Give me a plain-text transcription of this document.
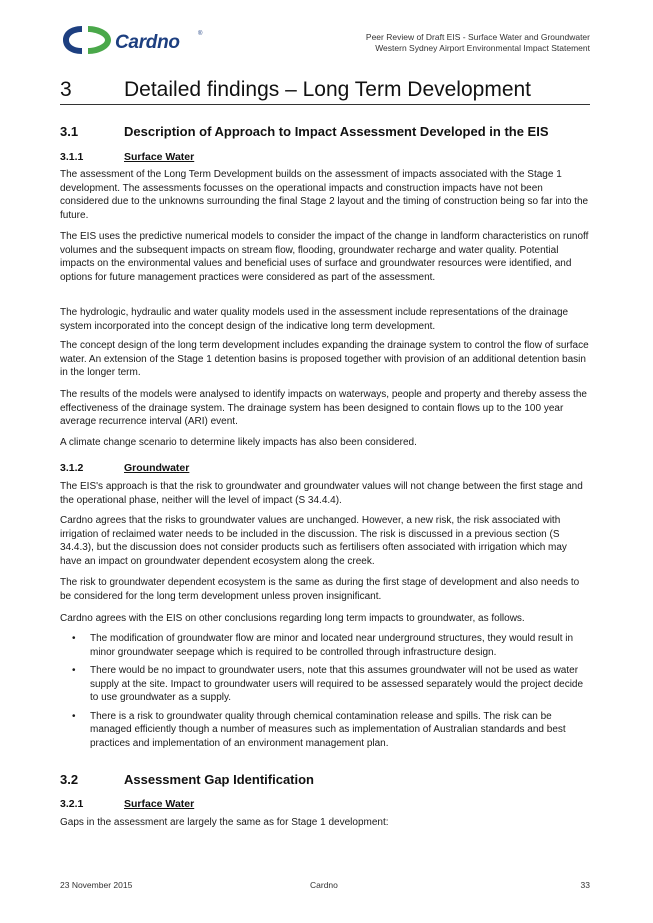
Cardno	®	Peer Review of Draft EIS - Surface Water and Groundwater
Western Sydney Airport Environmental Impact Statement
3 Detailed findings – Long Term Development
3.1	Description of Approach to Impact Assessment Developed in the EIS
3.1.1	Surface Water

The assessment of the Long Term Development builds on the assessment of impacts associated with the Stage 1 development. The assessments focusses on the operational impacts and construction impacts have not been considered due to the unknowns surrounding the final Stage 2 layout and the timing of construction being so far into the future.

The EIS uses the predictive numerical models to consider the impact of the change in landform characteristics on runoff volumes and the subsequent impacts on stream flow, flooding, groundwater recharge and water quality. Potential impacts on the environmental values and beneficial uses of surface and groundwater resources were identified, and options for future management practices were considered as part of the assessment.

The hydrologic, hydraulic and water quality models used in the assessment include representations of the drainage system incorporated into the concept design of the indicative long term development.

The concept design of the long term development includes expanding the drainage system to control the flow of surface water. An extension of the Stage 1 detention basins is proposed together with provision of an additional detention basin in the longer term.

The results of the models were analysed to identify impacts on waterways, people and property and thereby assess the effectiveness of the drainage system. The drainage system has been designed to contain flows up to the 100 year average recurrence interval (ARI) event.

A climate change scenario to determine likely impacts has also been considered.

3.1.2	Groundwater

The EIS's approach is that the risk to groundwater and groundwater values will not change between the first stage and the operational phase, neither will the level of impact (S 34.4.4).

Cardno agrees that the risks to groundwater values are unchanged. However, a new risk, the risk associated with irrigation of reclaimed water needs to be included in the discussion. The risk is discussed in a previous section (S 34.4.3), but the discussion does not consider products such as fertilisers often associated with irrigation which may have an impact on groundwater dependent ecosystem along the creek.

The risk to groundwater dependent ecosystem is the same as during the first stage of development and also needs to be considered for the long term development unless proven insignificant.

Cardno agrees with the EIS on other conclusions regarding long term impacts to groundwater, as follows.

• The modification of groundwater flow are minor and located near underground structures, they would result in minor groundwater seepage which is required to be controlled through infrastructure design.
• There would be no impact to groundwater users, note that this assumes groundwater will not be used as water supply at the site. Impact to groundwater users will required to be assessed separately would the project decide to use groundwater as a supply.
• There is a risk to groundwater quality through chemical contamination release and spills. The risk can be managed efficiently though a number of measures such as implementation of Australian standards and best practices and implementation of an environment management plan.
3.2	Assessment Gap Identification
3.2.1	Surface Water

Gaps in the assessment are largely the same as for Stage 1 development:

23 November 2015	Cardno	33
